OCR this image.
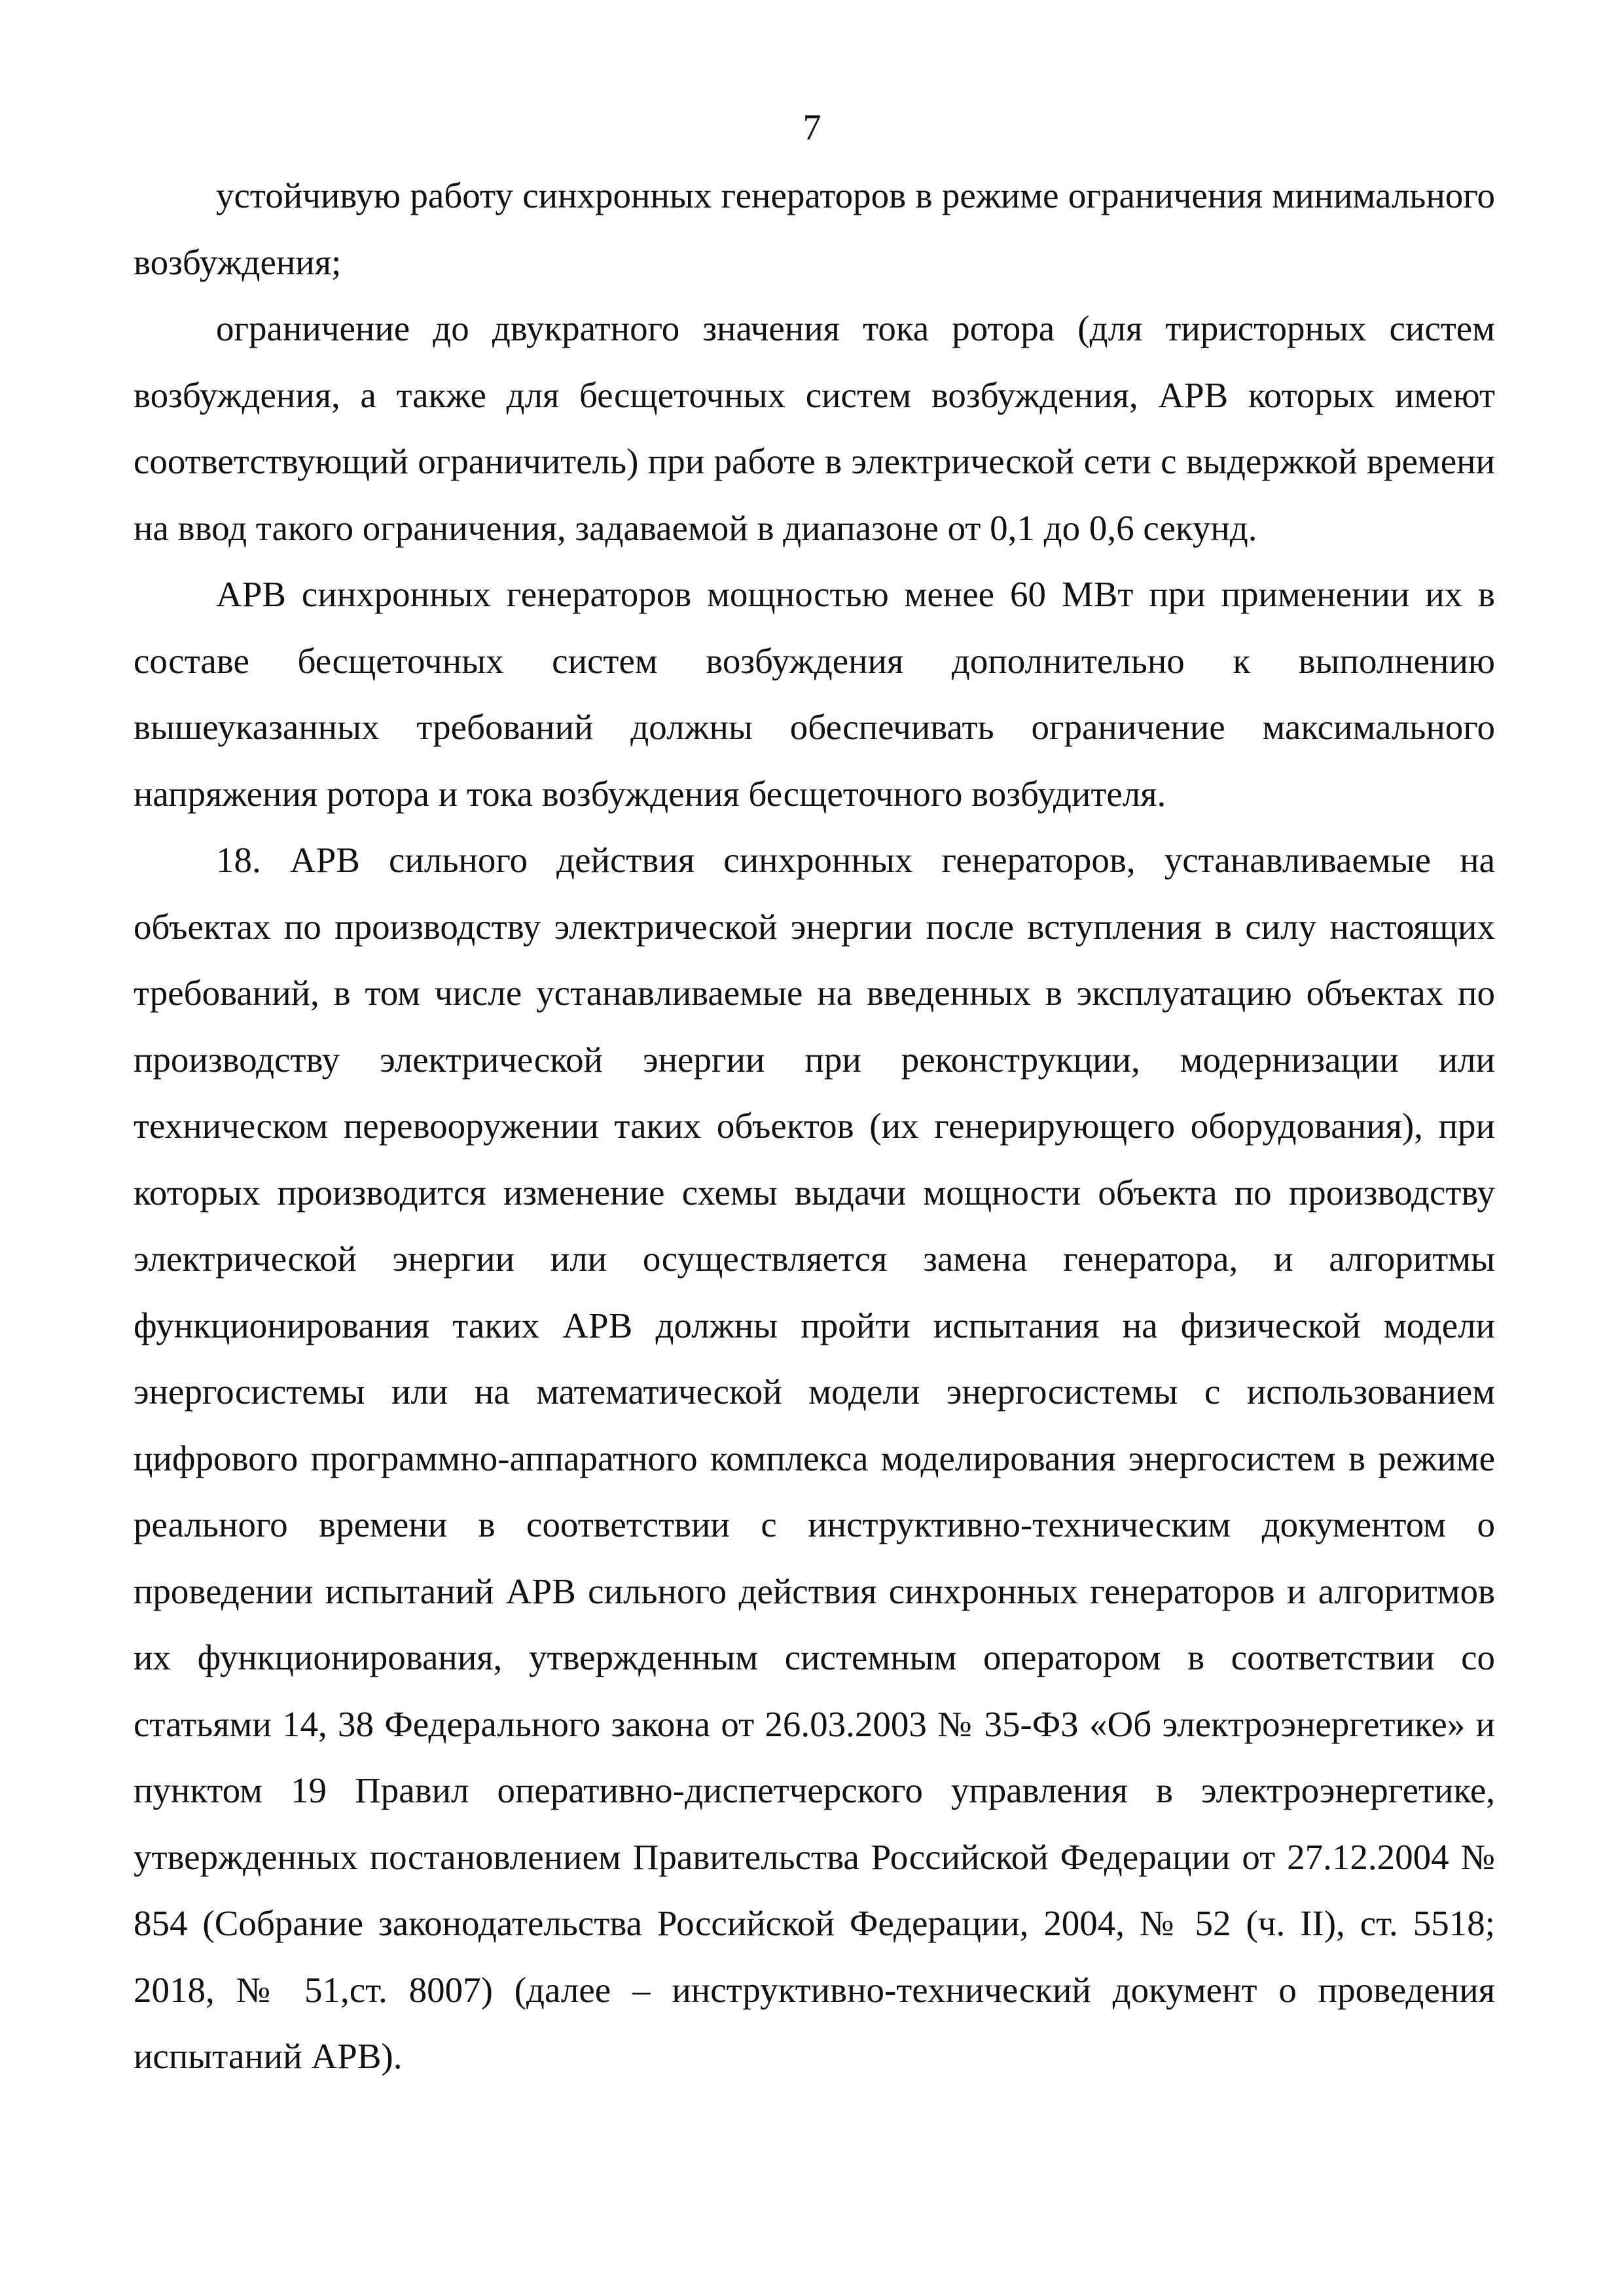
7

устойчивую работу синхронных генераторов в режиме ограничения минимального возбуждения;

ограничение до двукратного значения тока ротора (для тиристорных систем возбуждения, а также для бесщеточных систем возбуждения, АРВ которых имеют соответствующий ограничитель) при работе в электрической сети с выдержкой времени на ввод такого ограничения, задаваемой в диапазоне от 0,1 до 0,6 секунд.

АРВ синхронных генераторов мощностью менее 60 МВт при применении их в составе бесщеточных систем возбуждения дополнительно к выполнению вышеуказанных требований должны обеспечивать ограничение максимального напряжения ротора и тока возбуждения бесщеточного возбудителя.

18. АРВ сильного действия синхронных генераторов, устанавливаемые на объектах по производству электрической энергии после вступления в силу настоящих требований, в том числе устанавливаемые на введенных в эксплуатацию объектах по производству электрической энергии при реконструкции, модернизации или техническом перевооружении таких объектов (их генерирующего оборудования), при которых производится изменение схемы выдачи мощности объекта по производству электрической энергии или осуществляется замена генератора, и алгоритмы функционирования таких АРВ должны пройти испытания на физической модели энергосистемы или на математической модели энергосистемы с использованием цифрового программно-аппаратного комплекса моделирования энергосистем в режиме реального времени в соответствии с инструктивно-техническим документом о проведении испытаний АРВ сильного действия синхронных генераторов и алгоритмов их функционирования, утвержденным системным оператором в соответствии со статьями 14, 38 Федерального закона от 26.03.2003 № 35-ФЗ «Об электроэнергетике» и пунктом 19 Правил оперативно-диспетчерского управления в электроэнергетике, утвержденных постановлением Правительства Российской Федерации от 27.12.2004 № 854 (Собрание законодательства Российской Федерации, 2004, № 52 (ч. II), ст. 5518; 2018, № 51,ст. 8007) (далее – инструктивно-технический документ о проведения испытаний АРВ).
